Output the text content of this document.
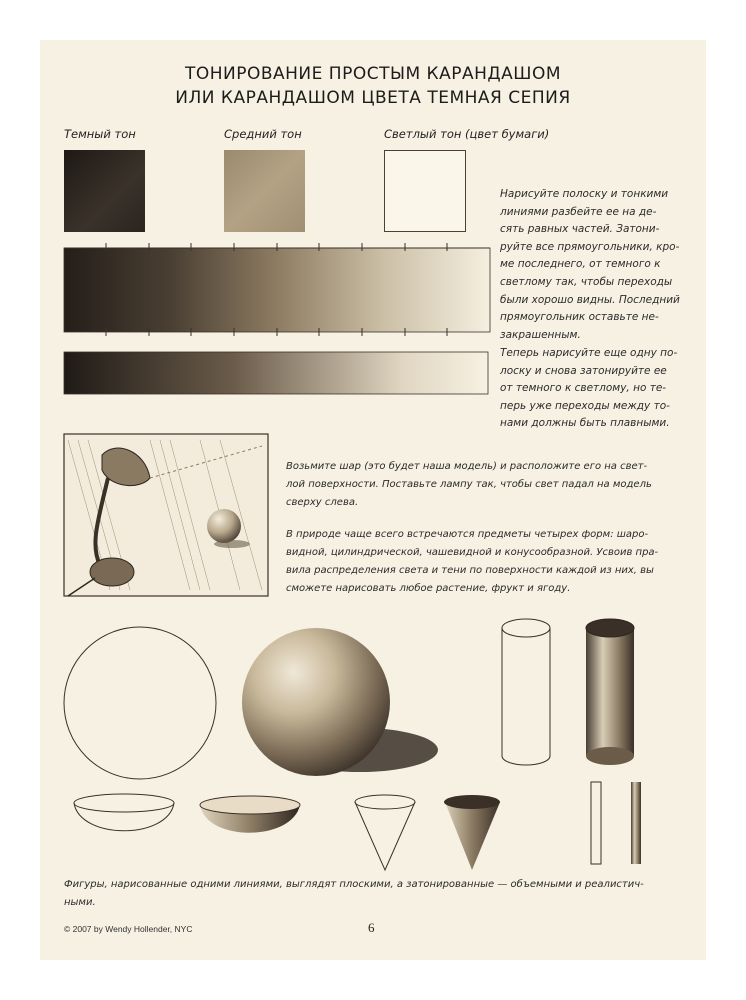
ТОНИРОВАНИЕ ПРОСТЫМ КАРАНДАШОМ
ИЛИ КАРАНДАШОМ ЦВЕТА ТЕМНАЯ СЕПИЯ
Темный тон	Средний тон	Светлый тон (цвет бумаги)

Нарисуйте полоску и тонкими

линиями разбейте ее на де-

сять равных частей. Затони-

руйте все прямоугольники, кро-

ме последнего, от темного к

светлому так, чтобы переходы

были хорошо видны. Последний

прямоугольник оставьте не-

закрашенным.

Теперь нарисуйте еще одну по-

лоску и снова затонируйте ее

от темного к светлому, но те-

перь уже переходы между то-

нами должны быть плавными.

Возьмите шар (это будет наша модель) и расположите его на свет-

лой поверхности. Поставьте лампу так, чтобы свет падал на модель

сверху слева.

В природе чаще всего встречаются предметы четырех форм: шаро-

видной, цилиндрической, чашевидной и конусообразной. Усвоив пра-

вила распределения света и тени по поверхности каждой из них, вы

сможете нарисовать любое растение, фрукт и ягоду.

Фигуры, нарисованные одними линиями, выглядят плоскими, а затонированные — объемными и реалистич-

ными.

© 2007 by Wendy Hollender, NYC	6
